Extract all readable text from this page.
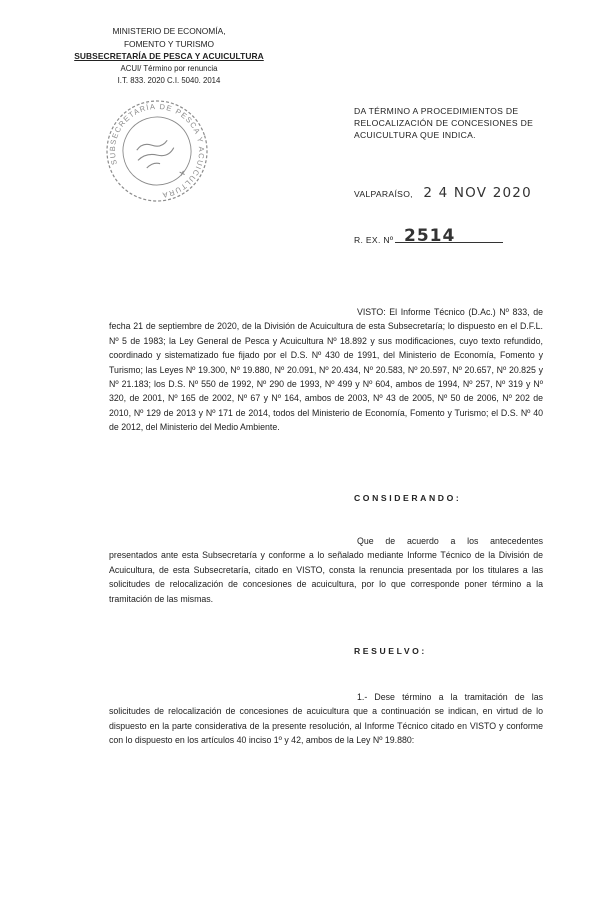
MINISTERIO DE ECONOMÍA,
FOMENTO Y TURISMO
SUBSECRETARÍA DE PESCA Y ACUICULTURA
ACUI/ Término por renuncia
I.T. 833. 2020 C.I. 5040. 2014
SUBSECRETARÍA DE PESCA Y ACUICULTURA
DA TÉRMINO A PROCEDIMIENTOS DE
RELOCALIZACIÓN DE CONCESIONES DE
ACUICULTURA QUE INDICA.
VALPARAÍSO, 2 4 NOV 2020
R. EX. Nº 2514
VISTO: El Informe Técnico (D.Ac.) Nº 833, de fecha 21 de septiembre de 2020, de la División de Acuicultura de esta Subsecretaría; lo dispuesto en el D.F.L. Nº 5 de 1983; la Ley General de Pesca y Acuicultura Nº 18.892 y sus modificaciones, cuyo texto refundido, coordinado y sistematizado fue fijado por el D.S. Nº 430 de 1991, del Ministerio de Economía, Fomento y Turismo; las Leyes Nº 19.300, Nº 19.880, Nº 20.091, Nº 20.434, Nº 20.583, Nº 20.597, Nº 20.657, Nº 20.825 y Nº 21.183; los D.S. Nº 550 de 1992, Nº 290 de 1993, Nº 499 y Nº 604, ambos de 1994, Nº 257, Nº 319 y Nº 320, de 2001, Nº 165 de 2002, Nº 67 y Nº 164, ambos de 2003, Nº 43 de 2005, Nº 50 de 2006, Nº 202 de 2010, Nº 129 de 2013 y Nº 171 de 2014, todos del Ministerio de Economía, Fomento y Turismo; el D.S. Nº 40 de 2012, del Ministerio del Medio Ambiente.
CONSIDERANDO:
Que de acuerdo a los antecedentes presentados ante esta Subsecretaría y conforme a lo señalado mediante Informe Técnico de la División de Acuicultura, de esta Subsecretaría, citado en VISTO, consta la renuncia presentada por los titulares a las solicitudes de relocalización de concesiones de acuicultura, por lo que corresponde poner término a la tramitación de las mismas.
RESUELVO:
1.- Dese término a la tramitación de las solicitudes de relocalización de concesiones de acuicultura que a continuación se indican, en virtud de lo dispuesto en la parte considerativa de la presente resolución, al Informe Técnico citado en VISTO y conforme con lo dispuesto en los artículos 40 inciso 1º y 42, ambos de la Ley Nº 19.880:
